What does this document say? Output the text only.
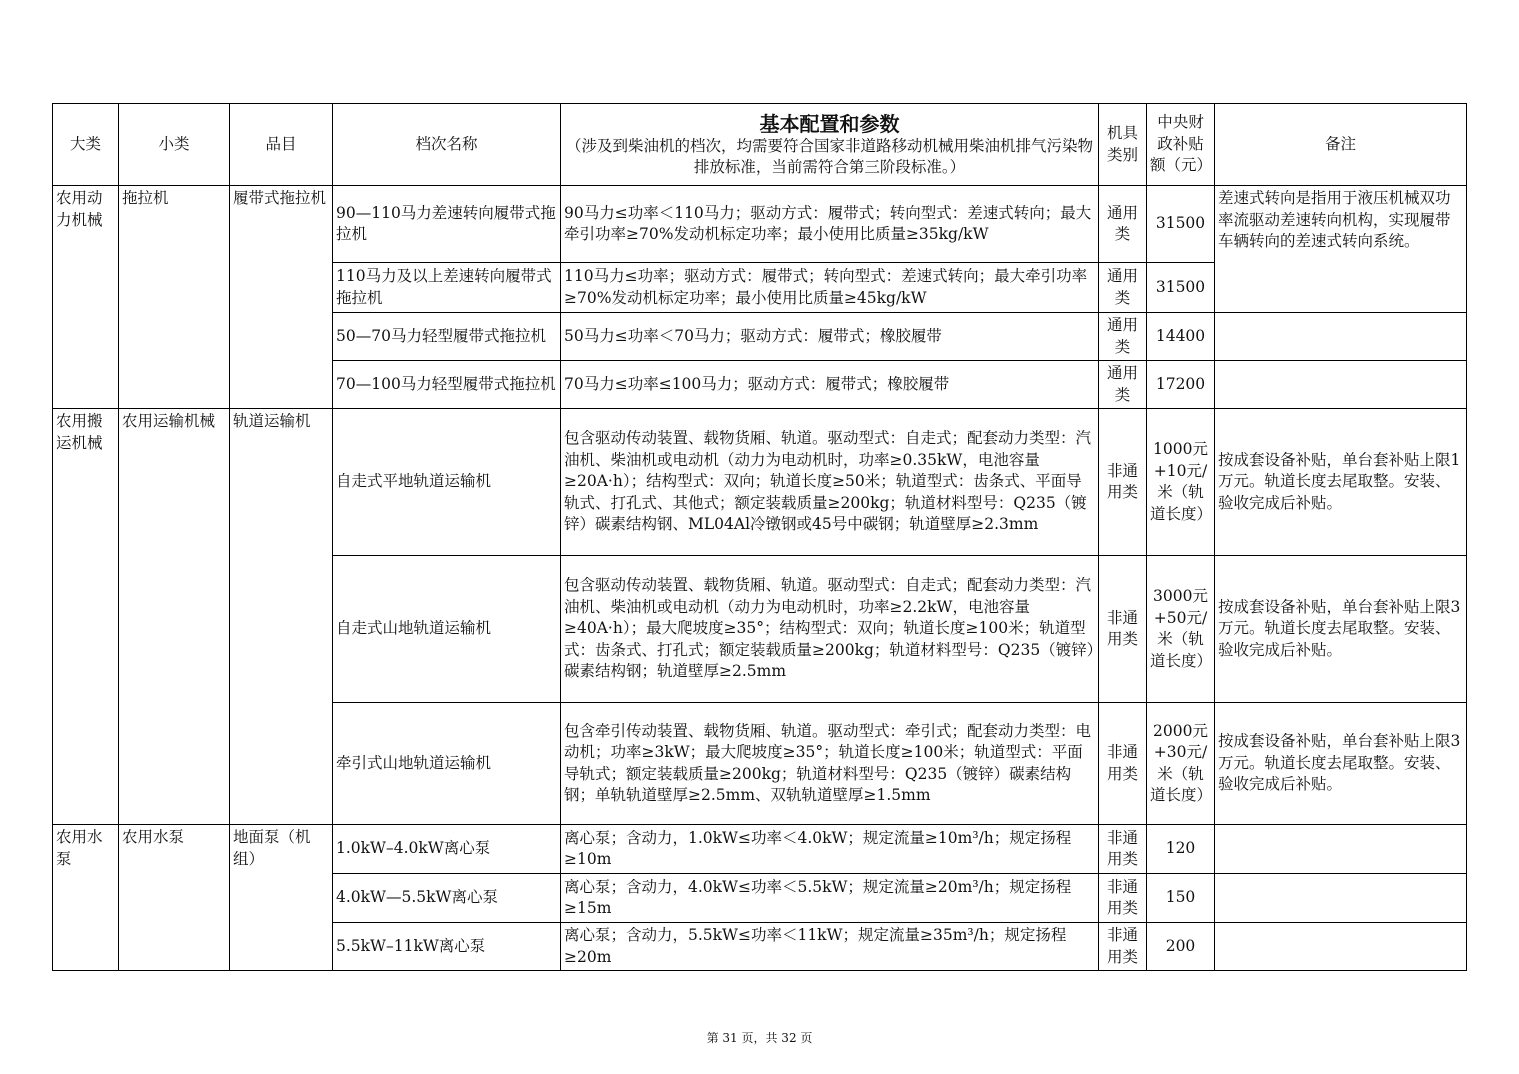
大类	小类	品目	档次名称	基本配置和参数
（涉及到柴油机的档次，均需要符合国家非道路移动机械用柴油机排气污染物排放标准，当前需符合第三阶段标准。）	机具类别	中央财政补贴额（元）	备注
农用动力机械	拖拉机	履带式拖拉机	90—110马力差速转向履带式拖拉机	90马力≤功率＜110马力；驱动方式：履带式；转向型式：差速式转向；最大牵引功率≥70%发动机标定功率；最小使用比质量≥35kg/kW	通用类	31500	差速式转向是指用于液压机械双功率流驱动差速转向机构，实现履带车辆转向的差速式转向系统。
			110马力及以上差速转向履带式拖拉机	110马力≤功率；驱动方式：履带式；转向型式：差速式转向；最大牵引功率≥70%发动机标定功率；最小使用比质量≥45kg/kW	通用类	31500	
			50—70马力轻型履带式拖拉机	50马力≤功率＜70马力；驱动方式：履带式；橡胶履带	通用类	14400	
			70—100马力轻型履带式拖拉机	70马力≤功率≤100马力；驱动方式：履带式；橡胶履带	通用类	17200	
农用搬运机械	农用运输机械	轨道运输机	自走式平地轨道运输机	包含驱动传动装置、载物货厢、轨道。驱动型式：自走式；配套动力类型：汽油机、柴油机或电动机（动力为电动机时，功率≥0.35kW，电池容量≥20A·h）；结构型式：双向；轨道长度≥50米；轨道型式：齿条式、平面导轨式、打孔式、其他式；额定装载质量≥200kg；轨道材料型号：Q235（镀锌）碳素结构钢、ML04Al冷镦钢或45号中碳钢；轨道壁厚≥2.3mm	非通用类	1000元+10元/米（轨道长度）	按成套设备补贴，单台套补贴上限1万元。轨道长度去尾取整。安装、验收完成后补贴。
			自走式山地轨道运输机	包含驱动传动装置、载物货厢、轨道。驱动型式：自走式；配套动力类型：汽油机、柴油机或电动机（动力为电动机时，功率≥2.2kW，电池容量≥40A·h）；最大爬坡度≥35°；结构型式：双向；轨道长度≥100米；轨道型式：齿条式、打孔式；额定装载质量≥200kg；轨道材料型号：Q235（镀锌）碳素结构钢；轨道壁厚≥2.5mm	非通用类	3000元+50元/米（轨道长度）	按成套设备补贴，单台套补贴上限3万元。轨道长度去尾取整。安装、验收完成后补贴。
			牵引式山地轨道运输机	包含牵引传动装置、载物货厢、轨道。驱动型式：牵引式；配套动力类型：电动机；功率≥3kW；最大爬坡度≥35°；轨道长度≥100米；轨道型式：平面导轨式；额定装载质量≥200kg；轨道材料型号：Q235（镀锌）碳素结构钢；单轨轨道壁厚≥2.5mm、双轨轨道壁厚≥1.5mm	非通用类	2000元+30元/米（轨道长度）	按成套设备补贴，单台套补贴上限3万元。轨道长度去尾取整。安装、验收完成后补贴。
农用水泵	农用水泵	地面泵（机组）	1.0kW–4.0kW离心泵	离心泵；含动力，1.0kW≤功率＜4.0kW；规定流量≥10m³/h；规定扬程≥10m	非通用类	120	
			4.0kW—5.5kW离心泵	离心泵；含动力，4.0kW≤功率＜5.5kW；规定流量≥20m³/h；规定扬程≥15m	非通用类	150	
			5.5kW–11kW离心泵	离心泵；含动力，5.5kW≤功率＜11kW；规定流量≥35m³/h；规定扬程≥20m	非通用类	200	
第 31 页，共 32 页
